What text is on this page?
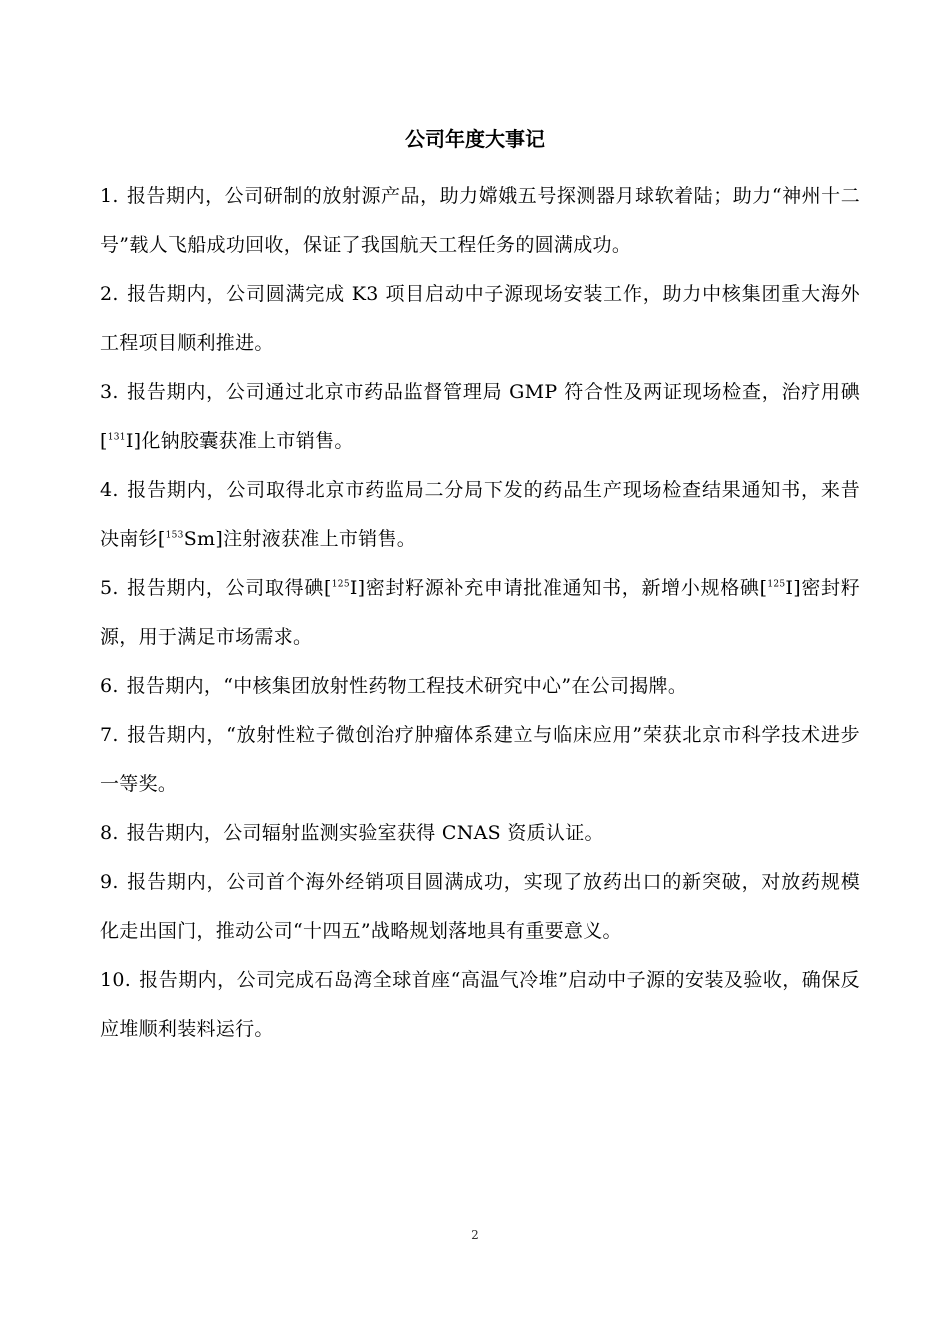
公司年度大事记
1. 报告期内，公司研制的放射源产品，助力嫦娥五号探测器月球软着陆；助力“神州十二号”载人飞船成功回收，保证了我国航天工程任务的圆满成功。
2. 报告期内，公司圆满完成 K3 项目启动中子源现场安装工作，助力中核集团重大海外工程项目顺利推进。
3. 报告期内，公司通过北京市药品监督管理局 GMP 符合性及两证现场检查，治疗用碘[$^{131}$I]化钠胶囊获准上市销售。
4. 报告期内，公司取得北京市药监局二分局下发的药品生产现场检查结果通知书，来昔决南钐[$^{153}$Sm]注射液获准上市销售。
5. 报告期内，公司取得碘[$^{125}$I]密封籽源补充申请批准通知书，新增小规格碘[$^{125}$I]密封籽源，用于满足市场需求。
6. 报告期内，“中核集团放射性药物工程技术研究中心”在公司揭牌。
7. 报告期内，“放射性粒子微创治疗肿瘤体系建立与临床应用”荣获北京市科学技术进步一等奖。
8. 报告期内，公司辐射监测实验室获得 CNAS 资质认证。
9. 报告期内，公司首个海外经销项目圆满成功，实现了放药出口的新突破，对放药规模化走出国门，推动公司“十四五”战略规划落地具有重要意义。
10. 报告期内，公司完成石岛湾全球首座“高温气冷堆”启动中子源的安装及验收，确保反应堆顺利装料运行。
2
